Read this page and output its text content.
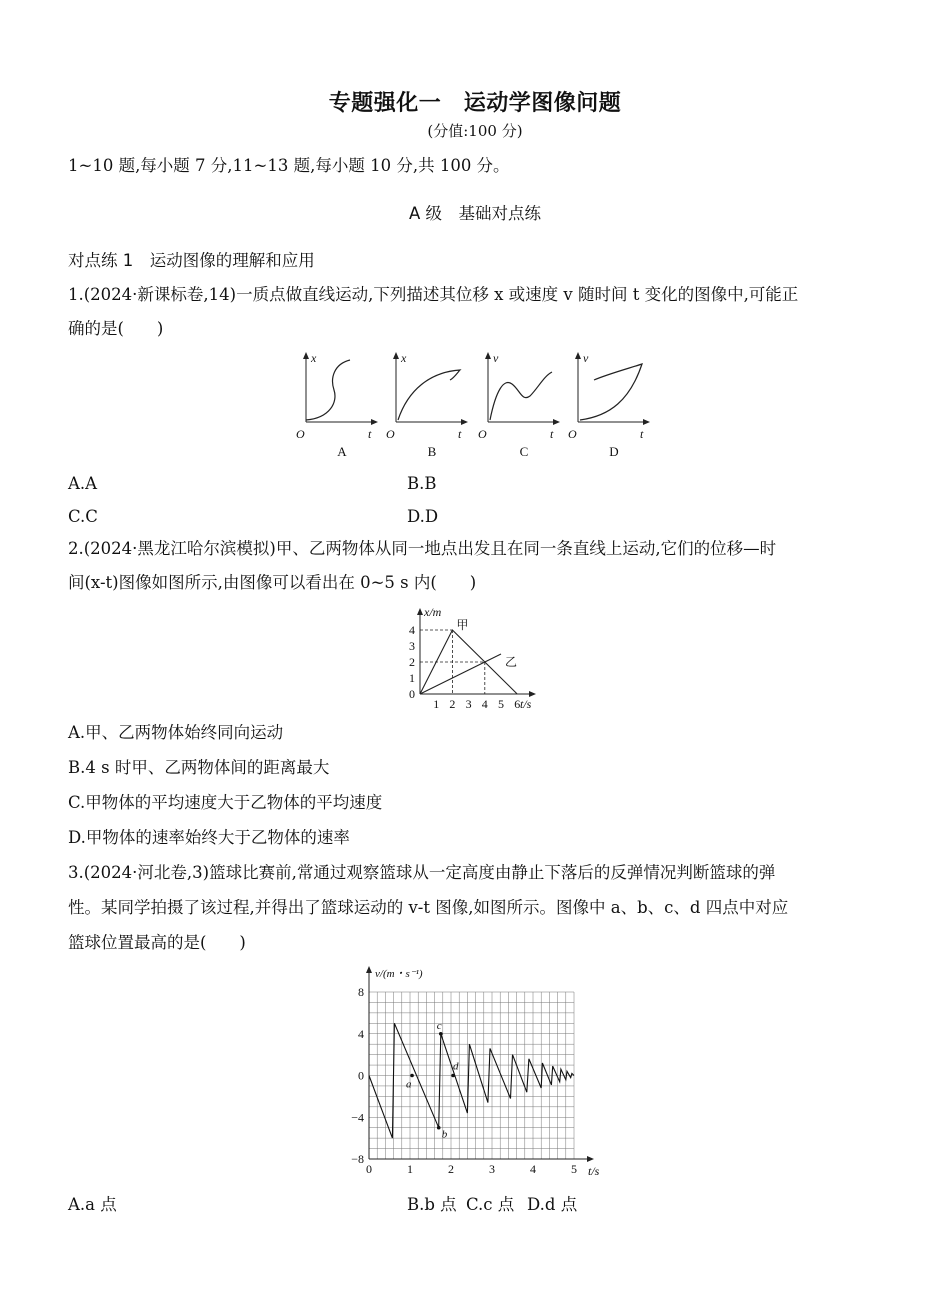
专题强化一　运动学图像问题
(分值:100 分)
1~10 题,每小题 7 分,11~13 题,每小题 10 分,共 100 分。
A 级　基础对点练
对点练 1　运动图像的理解和应用
1.(2024·新课标卷,14)一质点做直线运动,下列描述其位移 x 或速度 v 随时间 t 变化的图像中,可能正
确的是(　　)
x
t
O
x
t
O
v
t
O
v
t
O
A	B	C	D
A.A	B.B
C.C	D.D
2.(2024·黑龙江哈尔滨模拟)甲、乙两物体从同一地点出发且在同一条直线上运动,它们的位移—时
间(x-t)图像如图所示,由图像可以看出在 0~5 s 内(　　)
x/m
t/s
0
1 2 3 4 5 6
1
2
3
4	甲
乙
A.甲、乙两物体始终同向运动
B.4 s 时甲、乙两物体间的距离最大
C.甲物体的平均速度大于乙物体的平均速度
D.甲物体的速率始终大于乙物体的速率
3.(2024·河北卷,3)篮球比赛前,常通过观察篮球从一定高度由静止下落后的反弹情况判断篮球的弹
性。某同学拍摄了该过程,并得出了篮球运动的 v-t 图像,如图所示。图像中 a、b、c、d 四点中对应
篮球位置最高的是(　　)
v/(m・s⁻¹)
t/s
8
4
0
−4
−8
0	1	2	3	4	5
a
b
c
d
A.a 点	B.b 点 C.c 点 D.d 点
